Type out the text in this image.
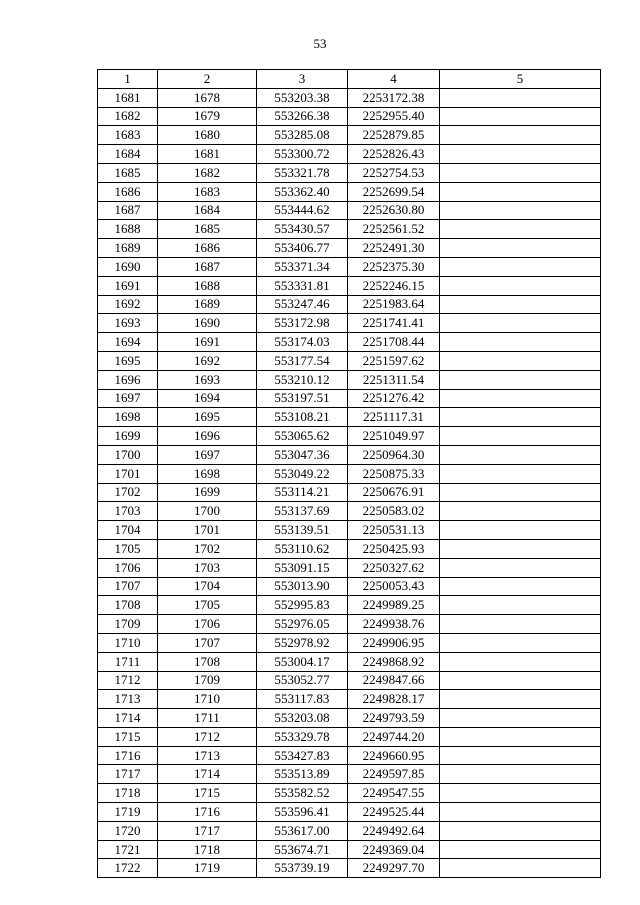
53
1	2	3	4	5
1681	1678	553203.38	2253172.38	
1682	1679	553266.38	2252955.40	
1683	1680	553285.08	2252879.85	
1684	1681	553300.72	2252826.43	
1685	1682	553321.78	2252754.53	
1686	1683	553362.40	2252699.54	
1687	1684	553444.62	2252630.80	
1688	1685	553430.57	2252561.52	
1689	1686	553406.77	2252491.30	
1690	1687	553371.34	2252375.30	
1691	1688	553331.81	2252246.15	
1692	1689	553247.46	2251983.64	
1693	1690	553172.98	2251741.41	
1694	1691	553174.03	2251708.44	
1695	1692	553177.54	2251597.62	
1696	1693	553210.12	2251311.54	
1697	1694	553197.51	2251276.42	
1698	1695	553108.21	2251117.31	
1699	1696	553065.62	2251049.97	
1700	1697	553047.36	2250964.30	
1701	1698	553049.22	2250875.33	
1702	1699	553114.21	2250676.91	
1703	1700	553137.69	2250583.02	
1704	1701	553139.51	2250531.13	
1705	1702	553110.62	2250425.93	
1706	1703	553091.15	2250327.62	
1707	1704	553013.90	2250053.43	
1708	1705	552995.83	2249989.25	
1709	1706	552976.05	2249938.76	
1710	1707	552978.92	2249906.95	
1711	1708	553004.17	2249868.92	
1712	1709	553052.77	2249847.66	
1713	1710	553117.83	2249828.17	
1714	1711	553203.08	2249793.59	
1715	1712	553329.78	2249744.20	
1716	1713	553427.83	2249660.95	
1717	1714	553513.89	2249597.85	
1718	1715	553582.52	2249547.55	
1719	1716	553596.41	2249525.44	
1720	1717	553617.00	2249492.64	
1721	1718	553674.71	2249369.04	
1722	1719	553739.19	2249297.70	
